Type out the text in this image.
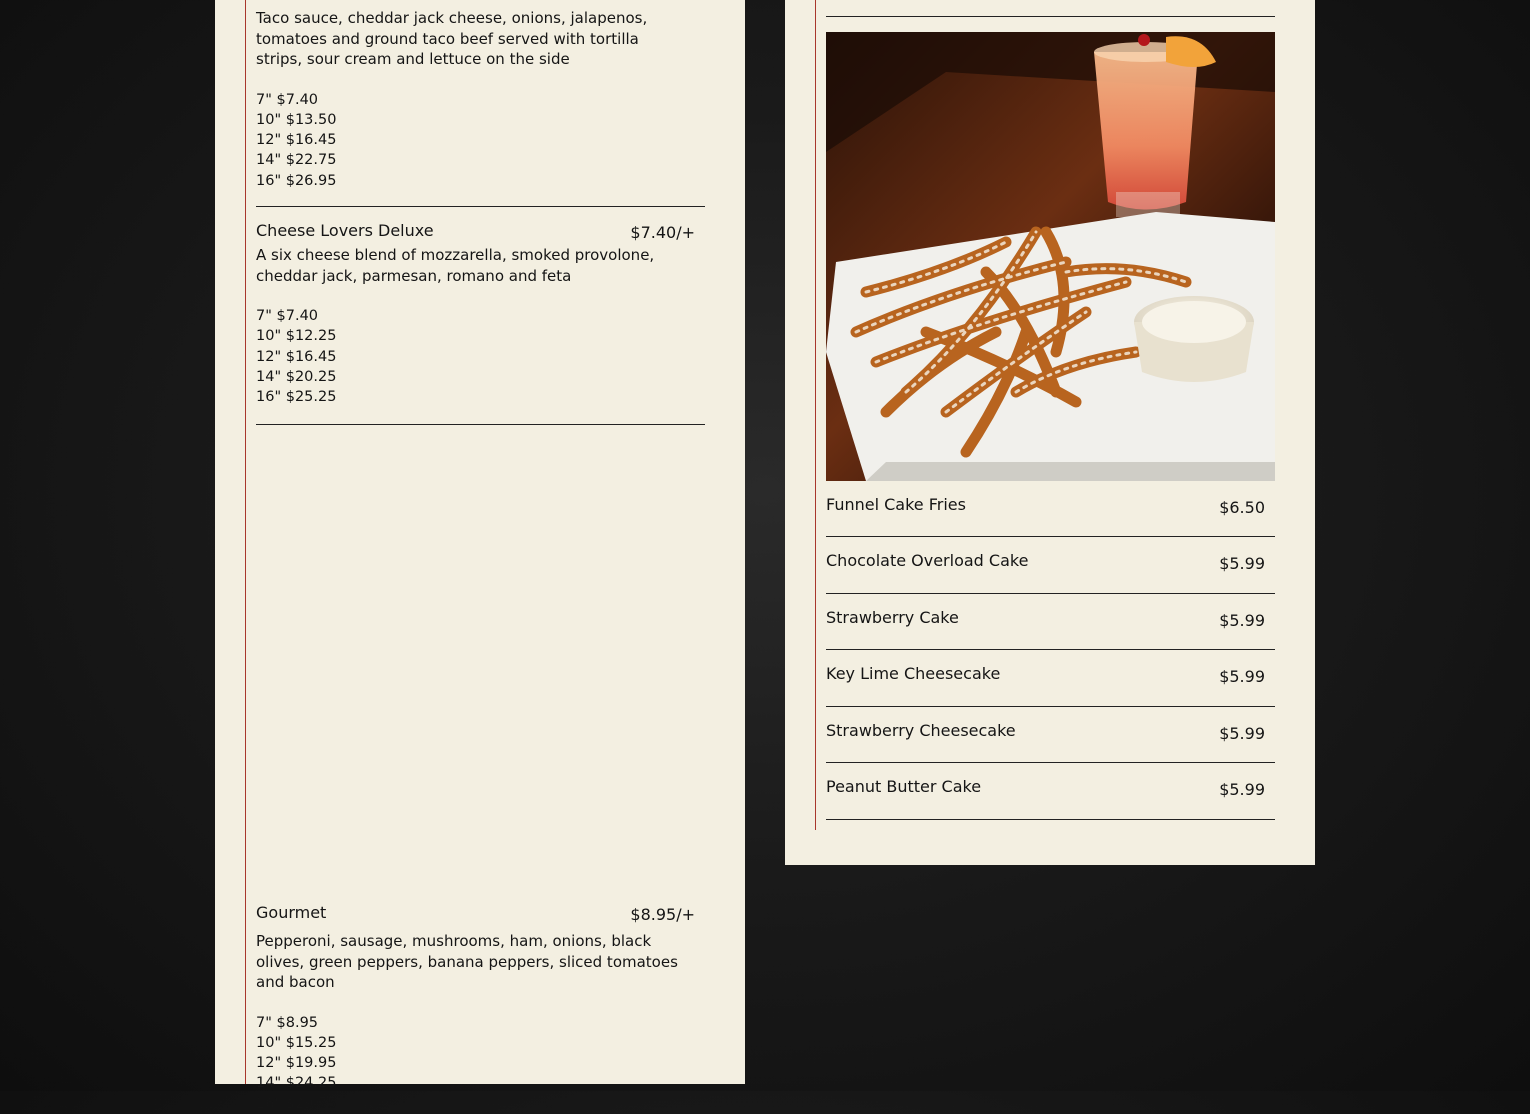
Taco sauce, cheddar jack cheese, onions, jalapenos, tomatoes and ground taco beef served with tortilla strips, sour cream and lettuce on the side
7" $7.40
10" $13.50
12" $16.45
14" $22.75
16" $26.95
Cheese Lovers Deluxe	$7.40/+
A six cheese blend of mozzarella, smoked provolone, cheddar jack, parmesan, romano and feta
7" $7.40
10" $12.25
12" $16.45
14" $20.25
16" $25.25
Gourmet	$8.95/+
Pepperoni, sausage, mushrooms, ham, onions, black olives, green peppers, banana peppers, sliced tomatoes and bacon
7" $8.95
10" $15.25
12" $19.95
14" $24.25
16" $29.75
Funnel Cake Fries	$6.50
Chocolate Overload Cake	$5.99
Strawberry Cake	$5.99
Key Lime Cheesecake	$5.99
Strawberry Cheesecake	$5.99
Peanut Butter Cake	$5.99
